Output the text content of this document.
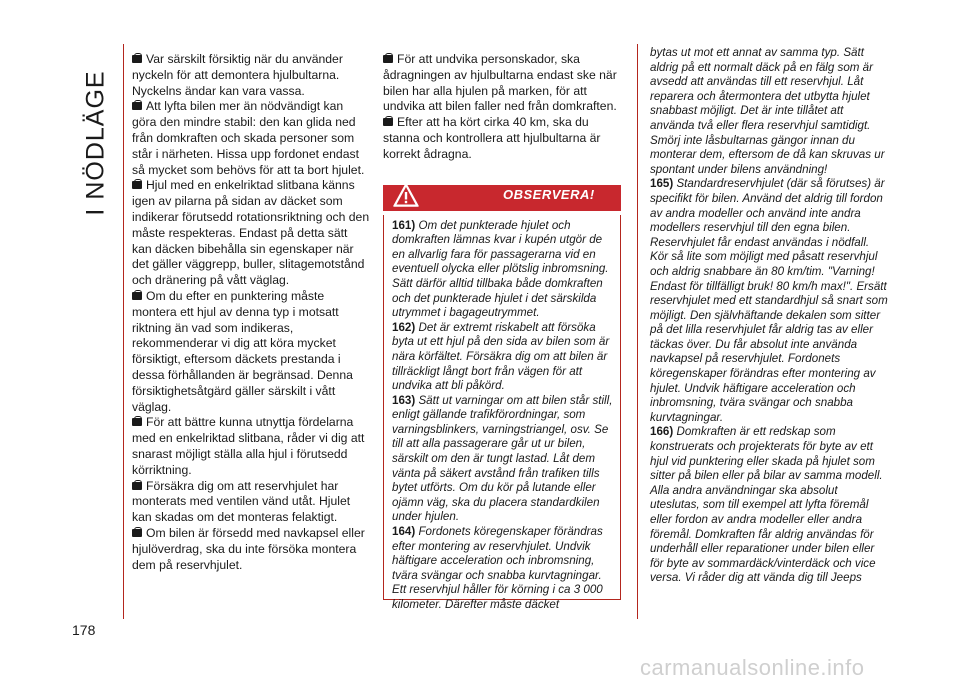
I NÖDLÄGE
178

Var särskilt försiktig när du använder nyckeln för att demontera hjulbultarna. Nyckelns ändar kan vara vassa.

Att lyfta bilen mer än nödvändigt kan göra den mindre stabil: den kan glida ned från domkraften och skada personer som står i närheten. Hissa upp fordonet endast så mycket som behövs för att ta bort hjulet.

Hjul med en enkelriktad slitbana känns igen av pilarna på sidan av däcket som indikerar förutsedd rotationsriktning och den måste respekteras. Endast på detta sätt kan däcken bibehålla sin egenskaper när det gäller väggrepp, buller, slitagemotstånd och dränering på vått väglag.

Om du efter en punktering måste montera ett hjul av denna typ i motsatt riktning än vad som indikeras, rekommenderar vi dig att köra mycket försiktigt, eftersom däckets prestanda i dessa förhållanden är begränsad. Denna försiktighetsåtgärd gäller särskilt i vått väglag.

För att bättre kunna utnyttja fördelarna med en enkelriktad slitbana, råder vi dig att snarast möjligt ställa alla hjul i förutsedd körriktning.

Försäkra dig om att reservhjulet har monterats med ventilen vänd utåt. Hjulet kan skadas om det monteras felaktigt.

Om bilen är försedd med navkapsel eller hjulöverdrag, ska du inte försöka montera dem på reservhjulet.

För att undvika personskador, ska ådragningen av hjulbultarna endast ske när bilen har alla hjulen på marken, för att undvika att bilen faller ned från domkraften.

Efter att ha kört cirka 40 km, ska du stanna och kontrollera att hjulbultarna är korrekt ådragna.

OBSERVERA!

161) Om det punkterade hjulet och domkraften lämnas kvar i kupén utgör de en allvarlig fara för passagerarna vid en eventuell olycka eller plötslig inbromsning. Sätt därför alltid tillbaka både domkraften och det punkterade hjulet i det särskilda utrymmet i bagageutrymmet.

162) Det är extremt riskabelt att försöka byta ut ett hjul på den sida av bilen som är nära körfältet. Försäkra dig om att bilen är tillräckligt långt bort från vägen för att undvika att bli påkörd.

163) Sätt ut varningar om att bilen står still, enligt gällande trafikförordningar, som varningsblinkers, varningstriangel, osv. Se till att alla passagerare går ut ur bilen, särskilt om den är tungt lastad. Låt dem vänta på säkert avstånd från trafiken tills bytet utförts. Om du kör på lutande eller ojämn väg, ska du placera standardkilen under hjulen.

164) Fordonets köregenskaper förändras efter montering av reservhjulet. Undvik häftigare acceleration och inbromsning, tvära svängar och snabba kurvtagningar. Ett reservhjul håller för körning i ca 3 000 kilometer. Därefter måste däcket

bytas ut mot ett annat av samma typ. Sätt aldrig på ett normalt däck på en fälg som är avsedd att användas till ett reservhjul. Låt reparera och återmontera det utbytta hjulet snabbast möjligt. Det är inte tillåtet att använda två eller flera reservhjul samtidigt. Smörj inte låsbultarnas gängor innan du monterar dem, eftersom de då kan skruvas ur spontant under bilens användning!

165) Standardreservhjulet (där så förutses) är specifikt för bilen. Använd det aldrig till fordon av andra modeller och använd inte andra modellers reservhjul till den egna bilen. Reservhjulet får endast användas i nödfall. Kör så lite som möjligt med påsatt reservhjul och aldrig snabbare än 80 km/tim. "Varning! Endast för tillfälligt bruk! 80 km/h max!". Ersätt reservhjulet med ett standardhjul så snart som möjligt. Den självhäftande dekalen som sitter på det lilla reservhjulet får aldrig tas av eller täckas över. Du får absolut inte använda navkapsel på reservhjulet. Fordonets köregenskaper förändras efter montering av hjulet. Undvik häftigare acceleration och inbromsning, tvära svängar och snabba kurvtagningar.

166) Domkraften är ett redskap som konstruerats och projekterats för byte av ett hjul vid punktering eller skada på hjulet som sitter på bilen eller på bilar av samma modell. Alla andra användningar ska absolut uteslutas, som till exempel att lyfta föremål eller fordon av andra modeller eller andra föremål. Domkraften får aldrig användas för underhåll eller reparationer under bilen eller för byte av sommardäck/vinterdäck och vice versa. Vi råder dig att vända dig till Jeeps

carmanualsonline.info
